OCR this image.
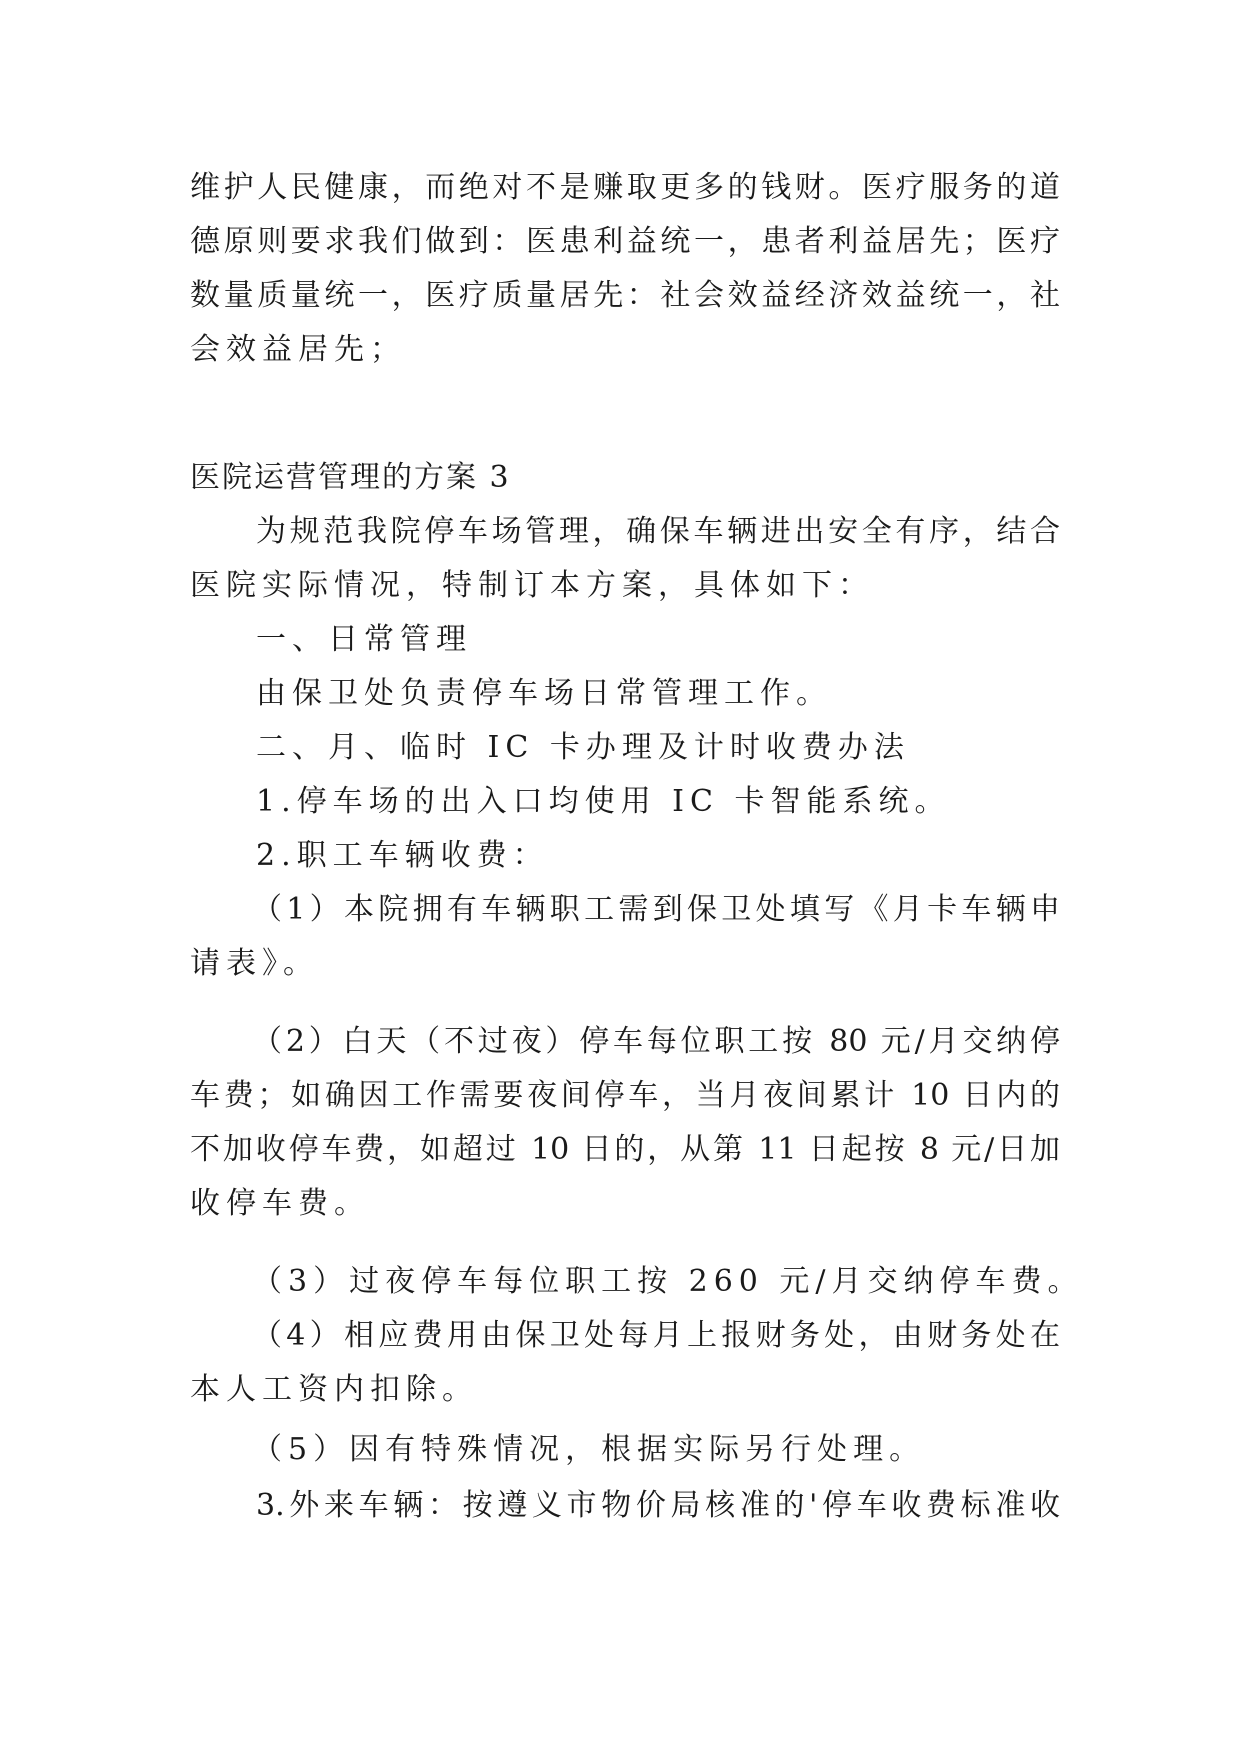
维护人民健康，而绝对不是赚取更多的钱财。医疗服务的道
德原则要求我们做到：医患利益统一，患者利益居先；医疗
数量质量统一，医疗质量居先：社会效益经济效益统一，社
会效益居先；
医院运营管理的方案 3
为规范我院停车场管理，确保车辆进出安全有序，结合
医院实际情况，特制订本方案，具体如下：
一、日常管理
由保卫处负责停车场日常管理工作。
二、月、临时 IC 卡办理及计时收费办法
1.停车场的出入口均使用 IC 卡智能系统。
2.职工车辆收费：
（1）本院拥有车辆职工需到保卫处填写《月卡车辆申
请表》。
（2）白天（不过夜）停车每位职工按 80 元/月交纳停
车费；如确因工作需要夜间停车，当月夜间累计 10 日内的
不加收停车费，如超过 10 日的，从第 11 日起按 8 元/日加
收停车费。
（3）过夜停车每位职工按 260 元/月交纳停车费。
（4）相应费用由保卫处每月上报财务处，由财务处在
本人工资内扣除。
（5）因有特殊情况，根据实际另行处理。
3.外来车辆：按遵义市物价局核准的'停车收费标准收
